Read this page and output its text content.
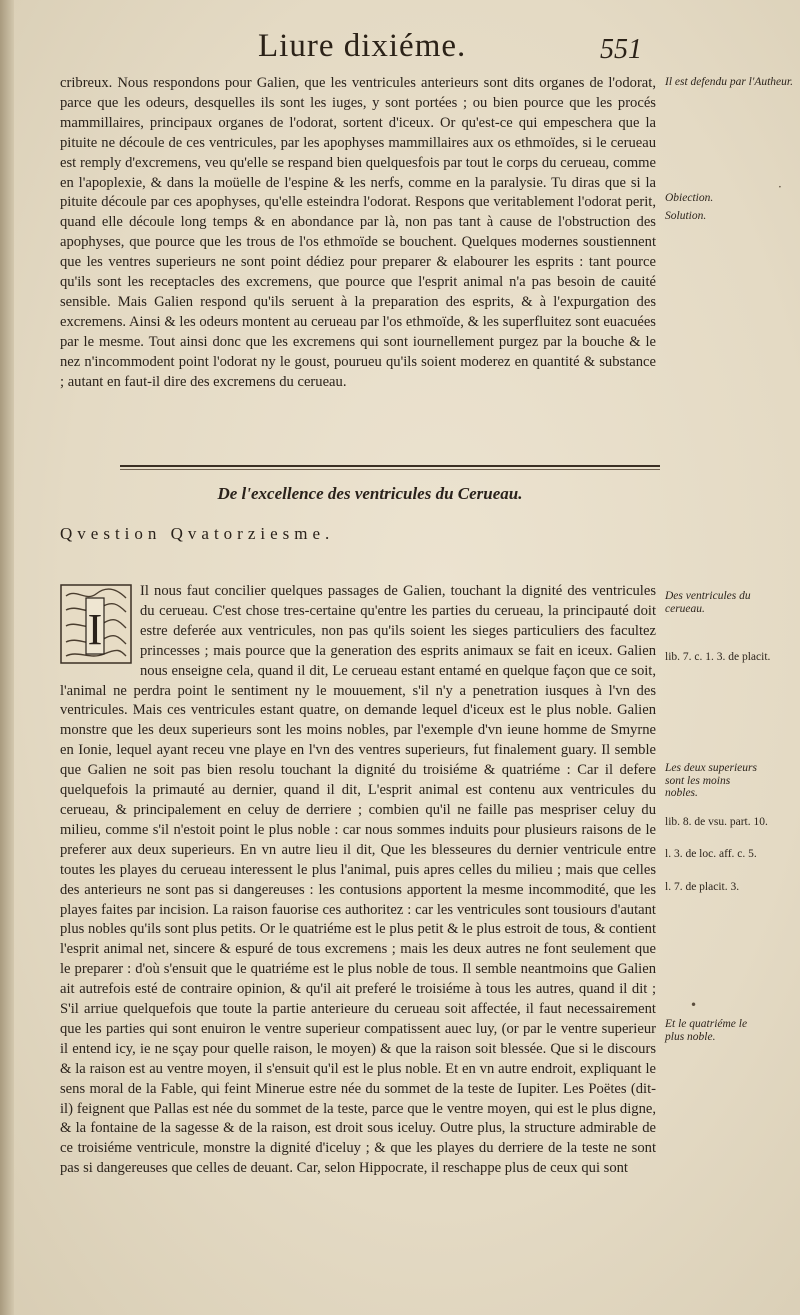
Liure dixiéme.	551

cribreux. Nous respondons pour Galien, que les ventricules anterieurs sont dits organes de l'odorat, parce que les odeurs, desquelles ils sont les iuges, y sont portées ; ou bien pource que les procés mammillaires, principaux organes de l'odorat, sortent d'iceux. Or qu'est-ce qui empeschera que la pituite ne découle de ces ventricules, par les apophyses mammillaires aux os ethmoïdes, si le cerueau est remply d'excremens, veu qu'elle se respand bien quelquesfois par tout le corps du cerueau, comme en l'apoplexie, & dans la moüelle de l'espine & les nerfs, comme en la paralysie. Tu diras que si la pituite découle par ces apophyses, qu'elle esteindra l'odorat. Respons que veritablement l'odorat perit, quand elle découle long temps & en abondance par là, non pas tant à cause de l'obstruction des apophyses, que pource que les trous de l'os ethmoïde se bouchent. Quelques modernes soustiennent que les ventres superieurs ne sont point dédiez pour preparer & elabourer les esprits : tant pource qu'ils sont les receptacles des excremens, que pource que l'esprit animal n'a pas besoin de cauité sensible. Mais Galien respond qu'ils seruent à la preparation des esprits, & à l'expurgation des excremens. Ainsi & les odeurs montent au cerueau par l'os ethmoïde, & les superfluitez sont euacuées par le mesme. Tout ainsi donc que les excremens qui sont iournellement purgez par la bouche & le nez n'incommodent point l'odorat ny le goust, pourueu qu'ils soient moderez en quantité & substance ; autant en faut-il dire des excremens du cerueau.

De l'excellence des ventricules du Cerueau.
Qvestion Qvatorziesme.
I

Il nous faut concilier quelques passages de Galien, touchant la dignité des ventricules du cerueau. C'est chose tres-certaine qu'entre les parties du cerueau, la principauté doit estre deferée aux ventricules, non pas qu'ils soient les sieges particuliers des facultez princesses ; mais pource que la generation des esprits animaux se fait en iceux. Galien nous enseigne cela, quand il dit, Le cerueau estant entamé en quelque façon que ce soit, l'animal ne perdra point le sentiment ny le mouuement, s'il n'y a penetration iusques à l'vn des ventricules. Mais ces ventricules estant quatre, on demande lequel d'iceux est le plus noble. Galien monstre que les deux superieurs sont les moins nobles, par l'exemple d'vn ieune homme de Smyrne en Ionie, lequel ayant receu vne playe en l'vn des ventres superieurs, fut finalement guary. Il semble que Galien ne soit pas bien resolu touchant la dignité du troisiéme & quatriéme : Car il defere quelquefois la primauté au dernier, quand il dit, L'esprit animal est contenu aux ventricules du cerueau, & principalement en celuy de derriere ; combien qu'il ne faille pas mespriser celuy du milieu, comme s'il n'estoit point le plus noble : car nous sommes induits pour plusieurs raisons de le preferer aux deux superieurs. En vn autre lieu il dit, Que les blesseures du dernier ventricule entre toutes les playes du cerueau interessent le plus l'animal, puis apres celles du milieu ; mais que celles des anterieurs ne sont pas si dangereuses : les contusions apportent la mesme incommodité, que les playes faites par incision. La raison fauorise ces authoritez : car les ventricules sont tousiours d'autant plus nobles qu'ils sont plus petits. Or le quatriéme est le plus petit & le plus estroit de tous, & contient l'esprit animal net, sincere & espuré de tous excremens ; mais les deux autres ne font seulement que le preparer : d'où s'ensuit que le quatriéme est le plus noble de tous. Il semble neantmoins que Galien ait autrefois esté de contraire opinion, & qu'il ait preferé le troisiéme à tous les autres, quand il dit ; S'il arriue quelquefois que toute la partie anterieure du cerueau soit affectée, il faut necessairement que les parties qui sont enuiron le ventre superieur compatissent auec luy, (or par le ventre superieur il entend icy, ie ne sçay pour quelle raison, le moyen) & que la raison soit blessée. Que si le discours & la raison est au ventre moyen, il s'ensuit qu'il est le plus noble. Et en vn autre endroit, expliquant le sens moral de la Fable, qui feint Minerue estre née du sommet de la teste de Iupiter. Les Poëtes (dit-il) feignent que Pallas est née du sommet de la teste, parce que le ventre moyen, qui est le plus digne, & la fontaine de la sagesse & de la raison, est droit sous iceluy. Outre plus, la structure admirable de ce troisiéme ventricule, monstre la dignité d'iceluy ; & que les playes du derriere de la teste ne sont pas si dangereuses que celles de deuant. Car, selon Hippocrate, il reschappe plus de ceux qui sont

Il est defendu par l'Autheur.
Obiection.
Solution.
Des ventricules du cerueau.
lib. 7. c. 1. 3. de placit.
Les deux superieurs sont les moins nobles.
lib. 8. de vsu. part. 10.
l. 3. de loc. aff. c. 5.
l. 7. de placit. 3.
Et le quatriéme le plus noble.
·
•
